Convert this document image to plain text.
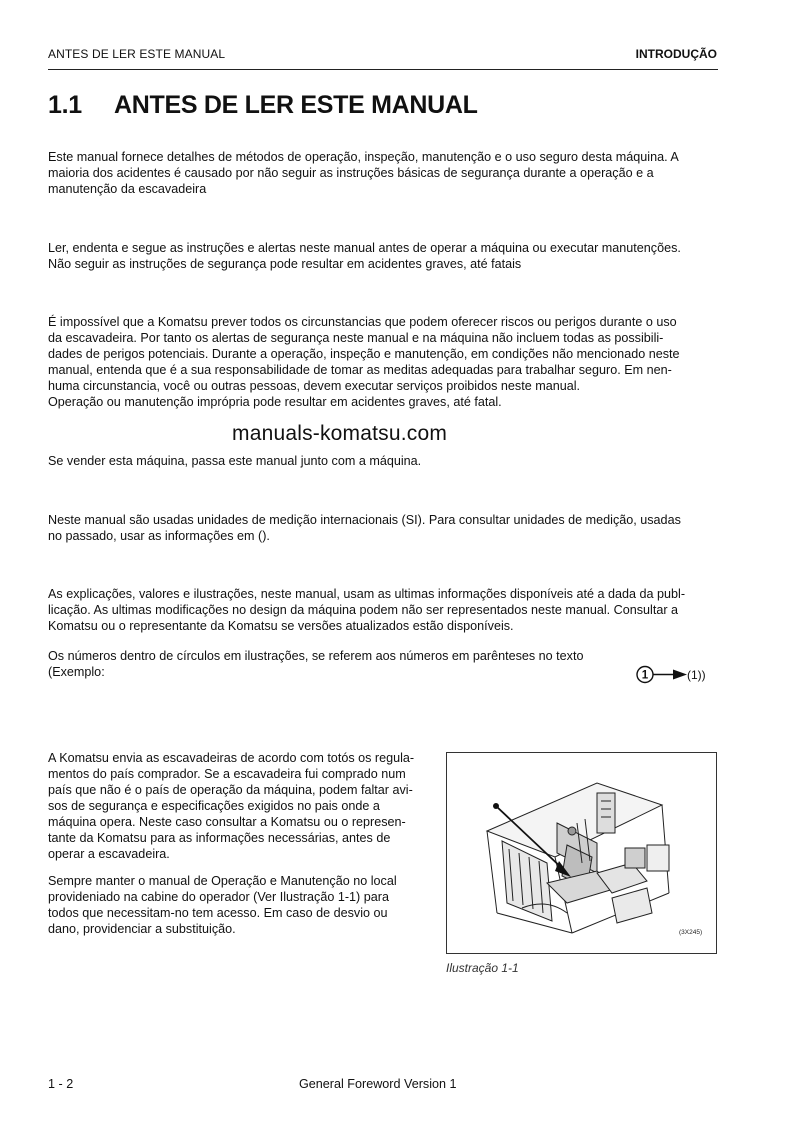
ANTES DE LER ESTE MANUAL	INTRODUÇÃO
1.1 ANTES DE LER ESTE MANUAL
Este manual fornece detalhes de métodos de operação, inspeção, manutenção e o uso seguro desta máquina. A
maioria dos acidentes é causado por não seguir as instruções básicas de segurança durante a operação e a
manutenção da escavadeira
Ler, endenta e segue as instruções e alertas neste manual antes de operar a máquina ou executar manutenções.
Não seguir as instruções de segurança pode resultar em acidentes graves, até fatais
É impossível que a Komatsu prever todos os circunstancias que podem oferecer riscos ou perigos durante o uso
da escavadeira. Por tanto os alertas de segurança neste manual e na máquina não incluem todas as possibili-
dades de perigos potenciais. Durante a operação, inspeção e manutenção, em condições não mencionado neste
manual, entenda que é a sua responsabilidade de tomar as meditas adequadas para trabalhar seguro. Em nen-
huma circunstancia, você ou outras pessoas, devem executar serviços proibidos neste manual.
Operação ou manutenção imprópria pode resultar em acidentes graves, até fatal.
manuals-komatsu.com
Se vender esta máquina, passa este manual junto com a máquina.
Neste manual são usadas unidades de medição internacionais (SI). Para consultar unidades de medição, usadas
no passado, usar as informações em ().
As explicações, valores e ilustrações, neste manual, usam as ultimas informações disponíveis até a dada da publ-
licação. As ultimas modificações no design da máquina podem não ser representados neste manual. Consultar a
Komatsu ou o representante da Komatsu se versões atualizados estão disponíveis.
Os números dentro de círculos em ilustrações, se referem aos números em parênteses no texto
(Exemplo:	1	(1))
A Komatsu envia as escavadeiras de acordo com totós os regula-
mentos do país comprador. Se a escavadeira fui comprado num
país que não é o país de operação da máquina, podem faltar avi-
sos de segurança e especificações exigidos no pais onde a
máquina opera. Neste caso consultar a Komatsu ou o represen-
tante da Komatsu para as informações necessárias, antes de
operar a escavadeira.
Sempre manter o manual de Operação e Manutenção no local
provideniado na cabine do operador (Ver Ilustração 1-1) para
todos que necessitam-no tem acesso. Em caso de desvio ou
dano, providenciar a substituição.	(3X245)
Ilustração 1-1
1 - 2	General Foreword Version 1
